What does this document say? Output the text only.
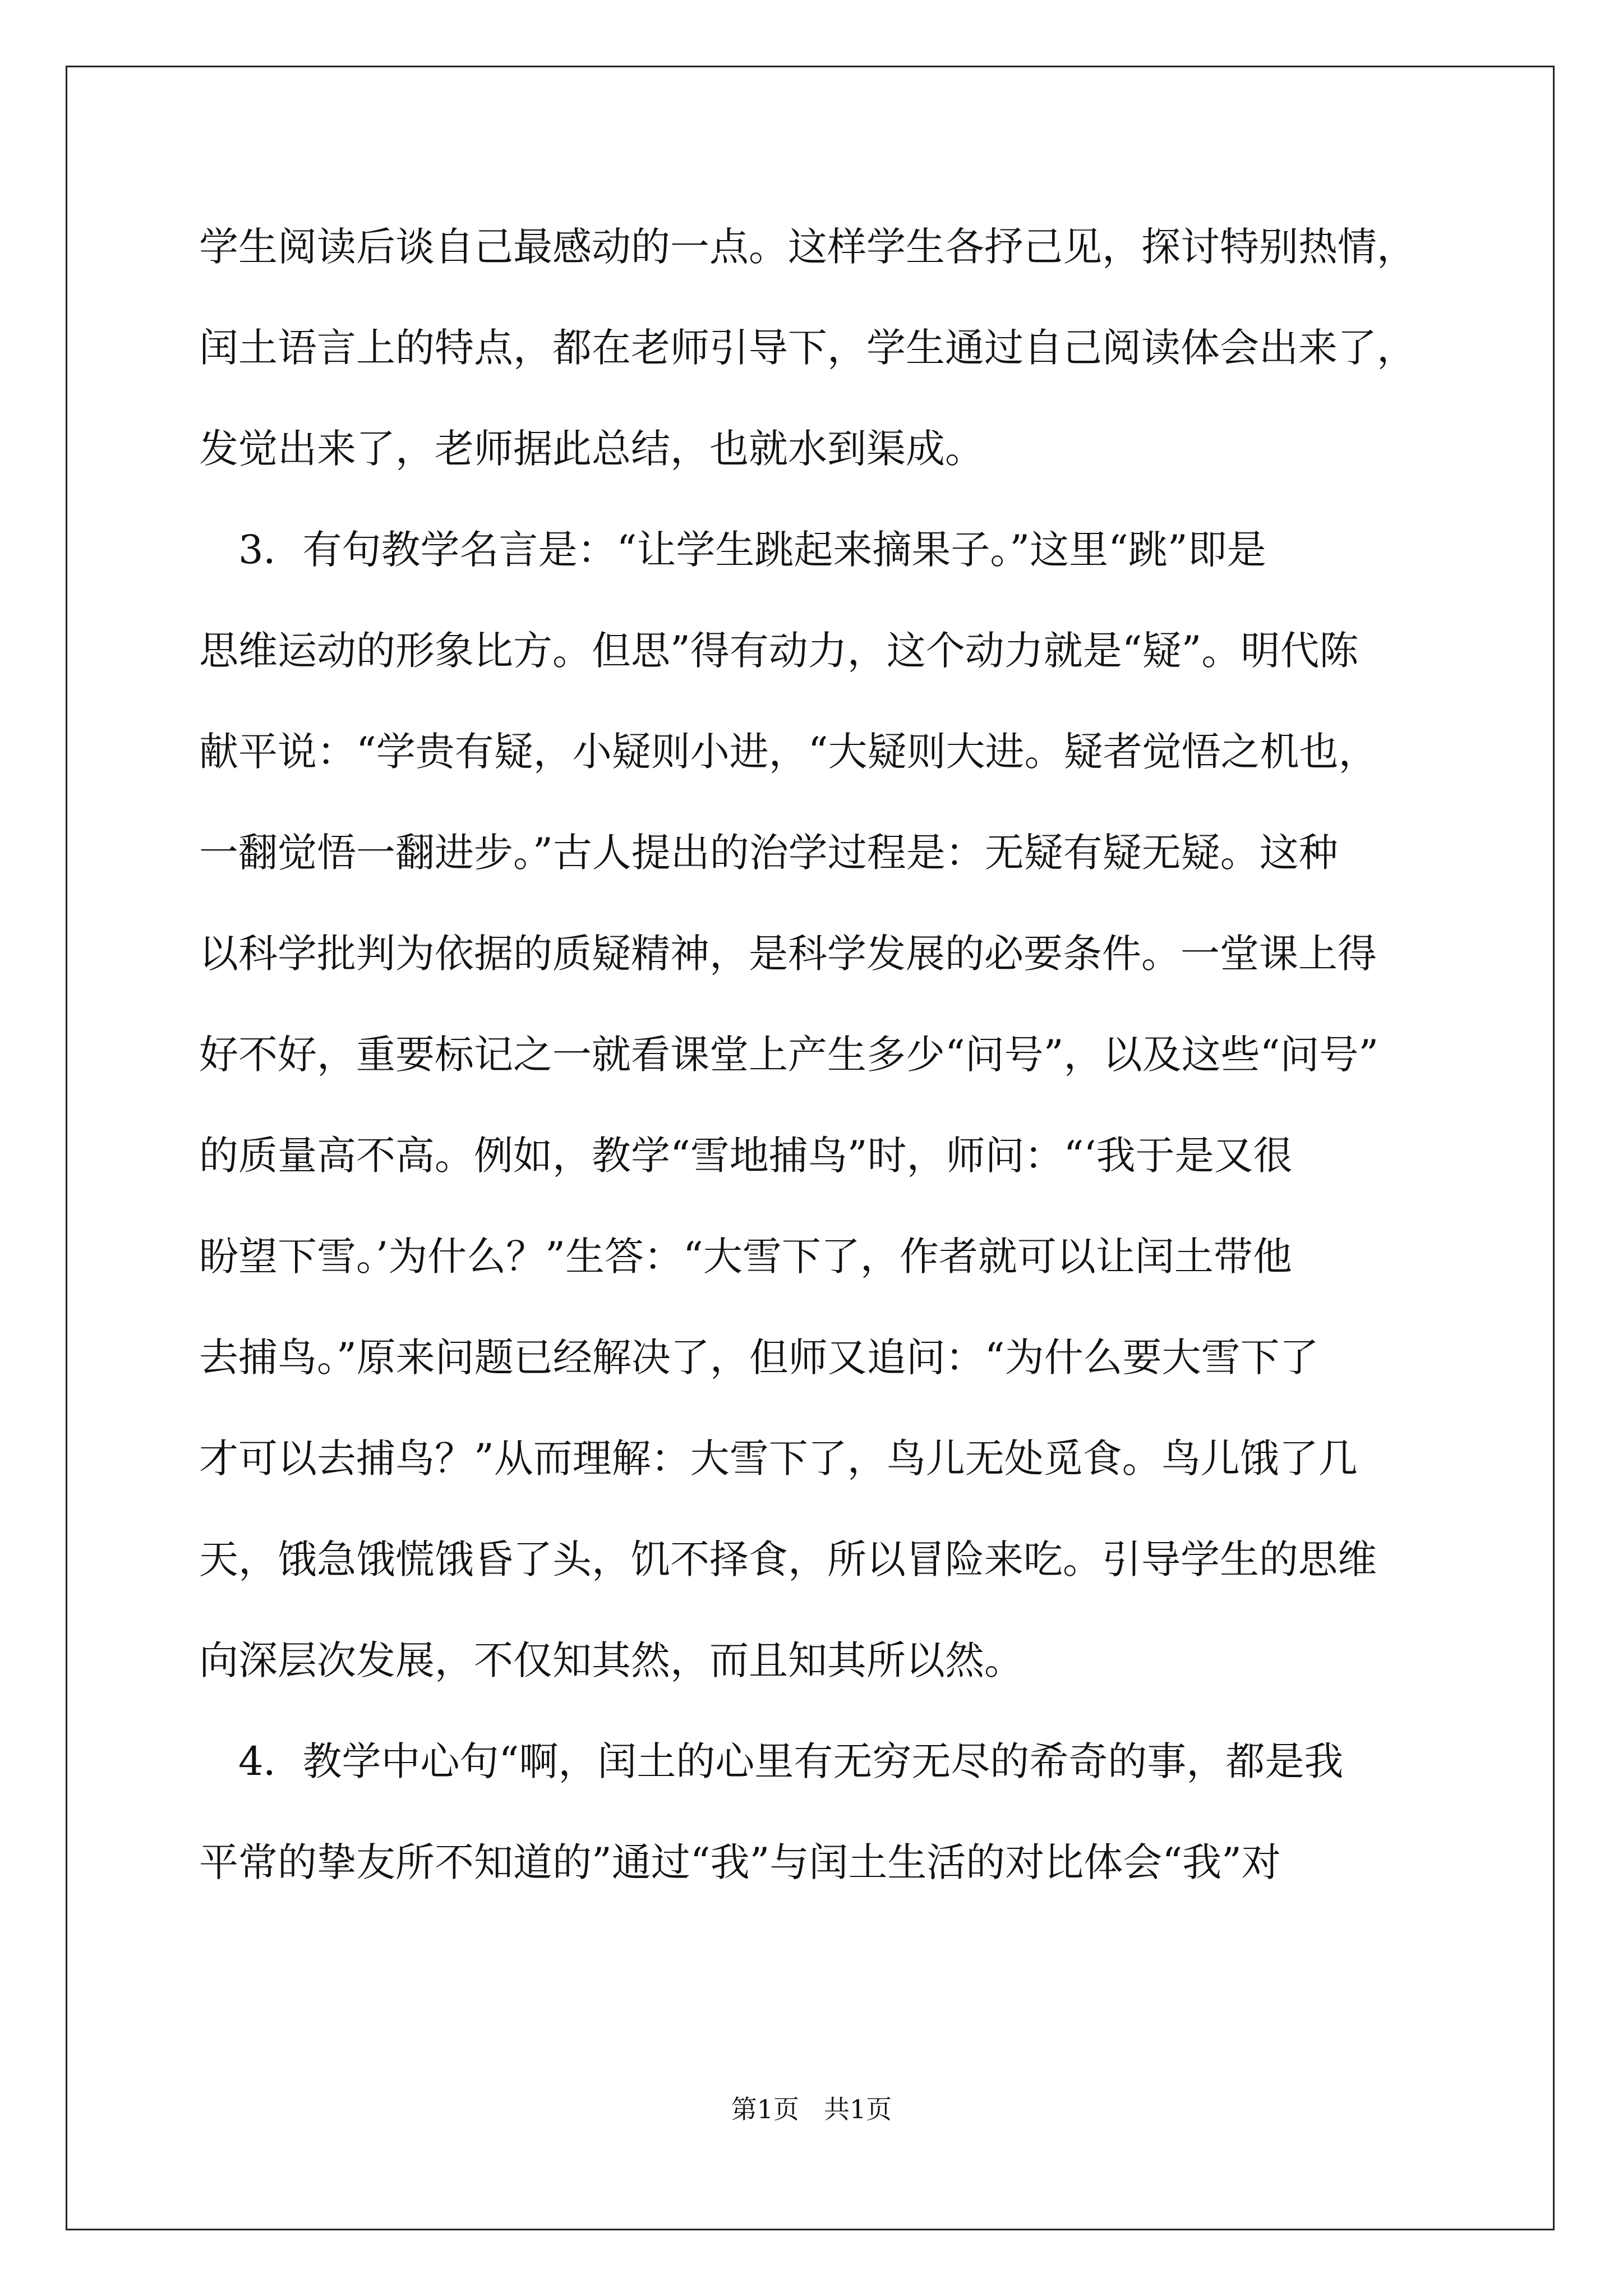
学生阅读后谈自己最感动的一点。这样学生各抒己见，探讨特别热情，
闰土语言上的特点，都在老师引导下，学生通过自己阅读体会出来了，
发觉出来了，老师据此总结，也就水到渠成。
　3．有句教学名言是：“让学生跳起来摘果子。”这里“跳”即是
思维运动的形象比方。但思”得有动力，这个动力就是“疑”。明代陈
献平说：“学贵有疑，小疑则小进，“大疑则大进。疑者觉悟之机也，
一翻觉悟一翻进步。”古人提出的治学过程是：无疑有疑无疑。这种
以科学批判为依据的质疑精神，是科学发展的必要条件。一堂课上得
好不好，重要标记之一就看课堂上产生多少“问号”，以及这些“问号”
的质量高不高。例如，教学“雪地捕鸟”时，师问：“‘我于是又很
盼望下雪。’为什么？”生答：“大雪下了，作者就可以让闰土带他
去捕鸟。”原来问题已经解决了，但师又追问：“为什么要大雪下了
才可以去捕鸟？”从而理解：大雪下了，鸟儿无处觅食。鸟儿饿了几
天，饿急饿慌饿昏了头，饥不择食，所以冒险来吃。引导学生的思维
向深层次发展，不仅知其然，而且知其所以然。
　4．教学中心句“啊，闰土的心里有无穷无尽的希奇的事，都是我
平常的挚友所不知道的”通过“我”与闰土生活的对比体会“我”对
第1页 共1页
